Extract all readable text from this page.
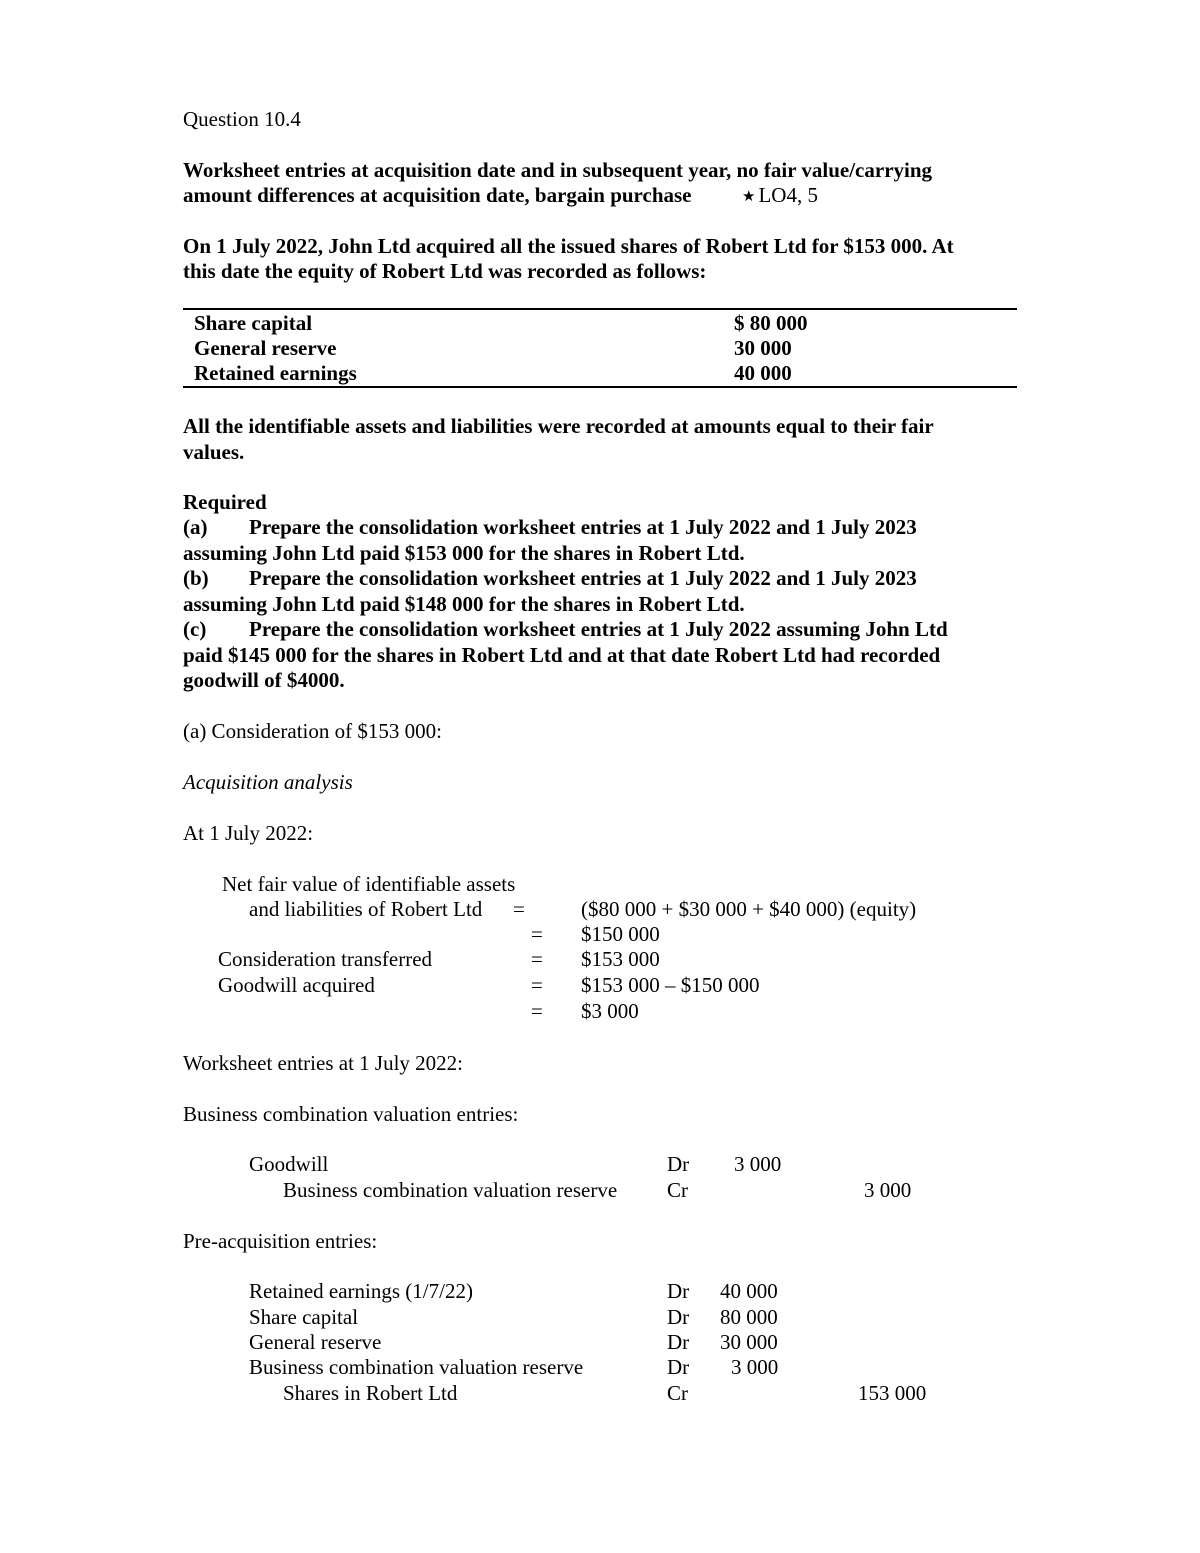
Question 10.4
Worksheet entries at acquisition date and in subsequent year, no fair value/carrying
amount differences at acquisition date, bargain purchase	★ LO4, 5
On 1 July 2022, John Ltd acquired all the issued shares of Robert Ltd for $153 000. At
this date the equity of Robert Ltd was recorded as follows:
Share capital	$ 80 000
General reserve	30 000
Retained earnings	40 000
All the identifiable assets and liabilities were recorded at amounts equal to their fair
values.
Required
(a) Prepare the consolidation worksheet entries at 1 July 2022 and 1 July 2023
assuming John Ltd paid $153 000 for the shares in Robert Ltd.
(b) Prepare the consolidation worksheet entries at 1 July 2022 and 1 July 2023
assuming John Ltd paid $148 000 for the shares in Robert Ltd.
(c) Prepare the consolidation worksheet entries at 1 July 2022 assuming John Ltd
paid $145 000 for the shares in Robert Ltd and at that date Robert Ltd had recorded
goodwill of $4000.
(a) Consideration of $153 000:
Acquisition analysis
At 1 July 2022:
Net fair value of identifiable assets
and liabilities of Robert Ltd =	($80 000 + $30 000 + $40 000) (equity)
= $150 000
Consideration transferred	= $153 000
Goodwill acquired	= $153 000 – $150 000
= $3 000
Worksheet entries at 1 July 2022:
Business combination valuation entries:
Goodwill	Dr 3 000
Business combination valuation reserve Cr	3 000
Pre-acquisition entries:
Retained earnings (1/7/22)	Dr 40 000
Share capital	Dr 80 000
General reserve	Dr 30 000
Business combination valuation reserve	Dr 3 000
Shares in Robert Ltd	Cr	153 000
